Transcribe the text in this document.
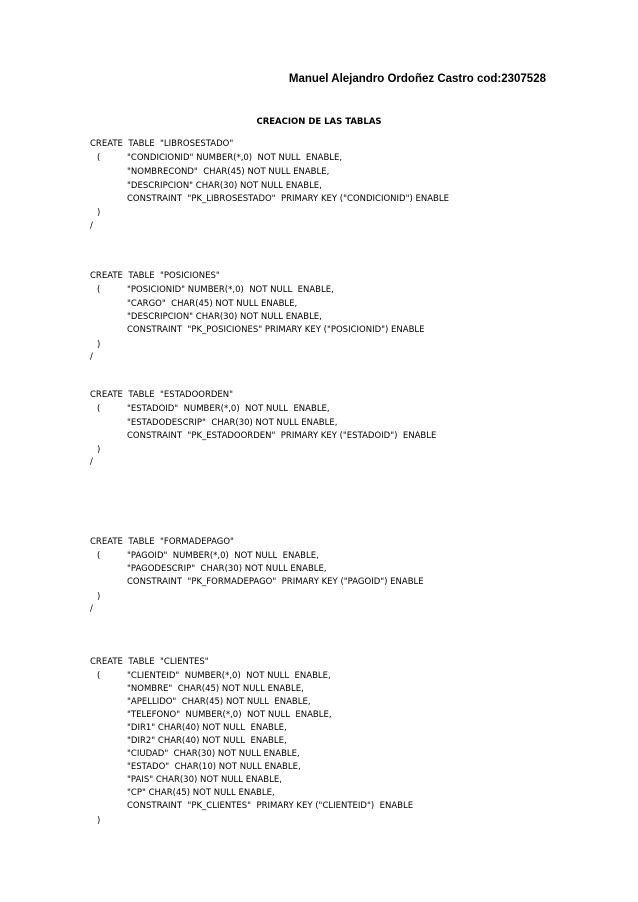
Manuel Alejandro Ordoñez Castro cod:2307528
CREACION DE LAS TABLAS
CREATE  TABLE  "LIBROSESTADO"
(	"CONDICIONID" NUMBER(*,0)  NOT NULL  ENABLE,
"NOMBRECOND"  CHAR(45) NOT NULL ENABLE,
"DESCRIPCION" CHAR(30) NOT NULL ENABLE,
CONSTRAINT  "PK_LIBROSESTADO"  PRIMARY KEY ("CONDICIONID") ENABLE
)
/
CREATE  TABLE  "POSICIONES"
(	"POSICIONID" NUMBER(*,0)  NOT NULL  ENABLE,
"CARGO"  CHAR(45) NOT NULL ENABLE,
"DESCRIPCION" CHAR(30) NOT NULL ENABLE,
CONSTRAINT  "PK_POSICIONES" PRIMARY KEY ("POSICIONID") ENABLE
)
/
CREATE  TABLE  "ESTADOORDEN"
(	"ESTADOID"  NUMBER(*,0)  NOT NULL  ENABLE,
"ESTADODESCRIP"  CHAR(30) NOT NULL ENABLE,
CONSTRAINT  "PK_ESTADOORDEN"  PRIMARY KEY ("ESTADOID")  ENABLE
)
/
CREATE  TABLE  "FORMADEPAGO"
(	"PAGOID"  NUMBER(*,0)  NOT NULL  ENABLE,
"PAGODESCRIP"  CHAR(30) NOT NULL ENABLE,
CONSTRAINT  "PK_FORMADEPAGO"  PRIMARY KEY ("PAGOID") ENABLE
)
/
CREATE  TABLE  "CLIENTES"
(	"CLIENTEID"  NUMBER(*,0)  NOT NULL  ENABLE,
"NOMBRE"  CHAR(45) NOT NULL ENABLE,
"APELLIDO"  CHAR(45) NOT NULL  ENABLE,
"TELEFONO"  NUMBER(*,0)  NOT NULL  ENABLE,
"DIR1" CHAR(40) NOT NULL  ENABLE,
"DIR2" CHAR(40) NOT NULL  ENABLE,
"CIUDAD"  CHAR(30) NOT NULL ENABLE,
"ESTADO"  CHAR(10) NOT NULL ENABLE,
"PAIS" CHAR(30) NOT NULL ENABLE,
"CP" CHAR(45) NOT NULL ENABLE,
CONSTRAINT  "PK_CLIENTES"  PRIMARY KEY ("CLIENTEID")  ENABLE
)
